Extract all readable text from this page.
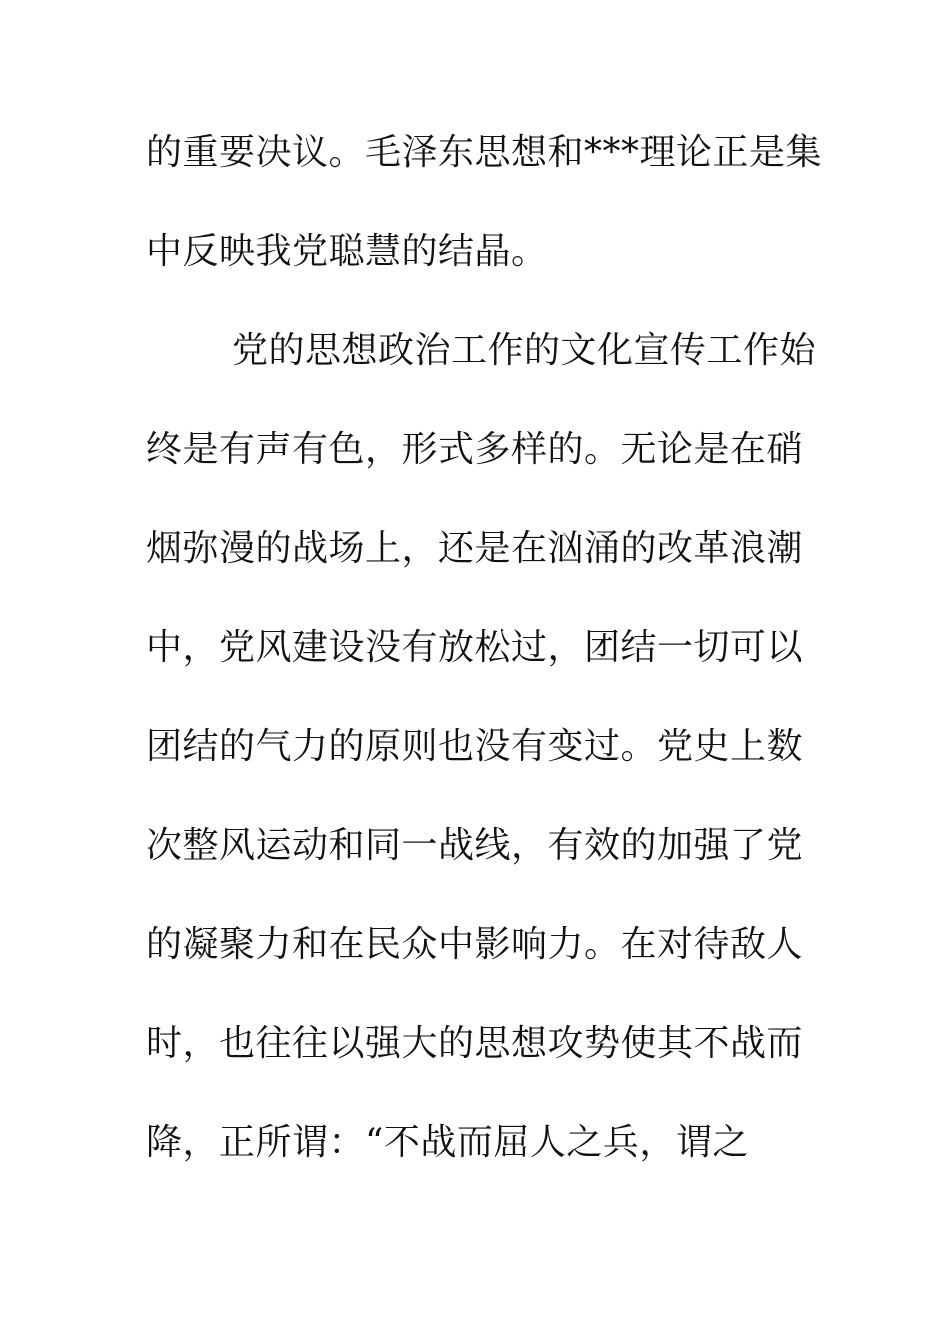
的重要决议。毛泽东思想和***理论正是集
中反映我党聪慧的结晶。
党的思想政治工作的文化宣传工作始
终是有声有色，形式多样的。无论是在硝
烟弥漫的战场上，还是在汹涌的改革浪潮
中，党风建设没有放松过，团结一切可以
团结的气力的原则也没有变过。党史上数
次整风运动和同一战线，有效的加强了党
的凝聚力和在民众中影响力。在对待敌人
时，也往往以强大的思想攻势使其不战而
降，正所谓：“不战而屈人之兵，谓之
